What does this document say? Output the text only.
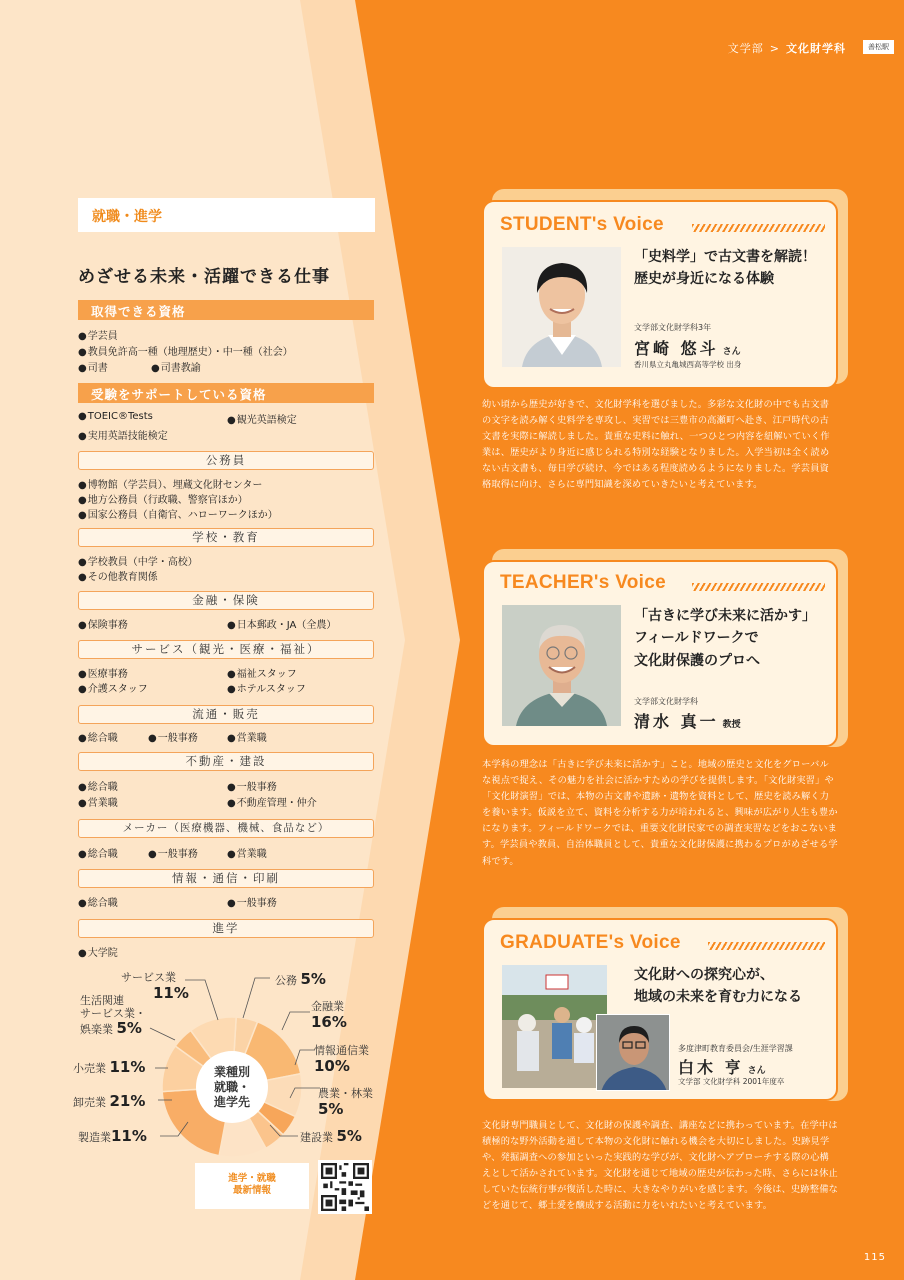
文学部 > 文化財学科	善松駅
就職・進学
めざせる未来・活躍できる仕事
取得できる資格
● 学芸員
● 教員免許高一種（地理歴史）・中一種（社会）
● 司書	● 司書教諭
受験をサポートしている資格
● TOEIC®Tests	● 観光英語検定
● 実用英語技能検定
公務員
● 博物館（学芸員）、埋蔵文化財センター
● 地方公務員（行政職、警察官ほか）
● 国家公務員（自衛官、ハローワークほか）
学校・教育
● 学校教員（中学・高校）
● その他教育関係
金融・保険
● 保険事務	● 日本郵政・JA（全農）
サービス（観光・医療・福祉）
● 医療事務	● 福祉スタッフ
● 介護スタッフ	● ホテルスタッフ
流通・販売
● 総合職	● 一般事務	● 営業職
不動産・建設
● 総合職	● 一般事務
● 営業職	● 不動産管理・仲介
メーカー（医療機器、機械、食品など）
● 総合職	● 一般事務	● 営業職
情報・通信・印刷
● 総合職	● 一般事務
進学
● 大学院
業種別
就職・
進学先
サービス業
11%
公務 5%
金融業
16%
情報通信業
10%
農業・林業
5%
建設業 5%
製造業11%
卸売業 21%
小売業 11%
生活関連
サービス業・
娯楽業 5%
進学・就職
最新情報
STUDENT's Voice
「史料学」で古文書を解読！
歴史が身近になる体験
文学部文化財学科3年
宮崎 悠斗 さん
香川県立丸亀城西高等学校 出身
幼い頃から歴史が好きで、文化財学科を選びました。多彩な文化財の中でも古文書の文字を読み解く史料学を専攻し、実習では三豊市の高瀬町へ赴き、江戸時代の古文書を実際に解読しました。貴重な史料に触れ、一つひとつ内容を紐解いていく作業は、歴史がより身近に感じられる特別な経験となりました。入学当初は全く読めない古文書も、毎日学び続け、今ではある程度読めるようになりました。学芸員資格取得に向け、さらに専門知識を深めていきたいと考えています。
TEACHER's Voice
「古きに学び未来に活かす」
フィールドワークで
文化財保護のプロへ
文学部文化財学科
清水 真一 教授
本学科の理念は「古きに学び未来に活かす」こと。地域の歴史と文化をグローバルな視点で捉え、その魅力を社会に活かすための学びを提供します。「文化財実習」や「文化財演習」では、本物の古文書や遺跡・遺物を資料として、歴史を読み解く力を養います。仮説を立て、資料を分析する力が培われると、興味が広がり人生も豊かになります。フィールドワークでは、重要文化財民家での調査実習などをおこないます。学芸員や教員、自治体職員として、貴重な文化財保護に携わるプロがめざせる学科です。
GRADUATE's Voice
文化財への探究心が、
地域の未来を育む力になる
多度津町教育委員会/生涯学習課
白木 亨 さん
文学部 文化財学科 2001年度卒
文化財専門職員として、文化財の保護や調査、講座などに携わっています。在学中は積極的な野外活動を通して本物の文化財に触れる機会を大切にしました。史跡見学や、発掘調査への参加といった実践的な学びが、文化財へアプローチする際の心構えとして活かされています。文化財を通じて地域の歴史が伝わった時、さらには休止していた伝統行事が復活した時に、大きなやりがいを感じます。今後は、史跡整備などを通じて、郷土愛を醸成する活動に力をいれたいと考えています。
115
